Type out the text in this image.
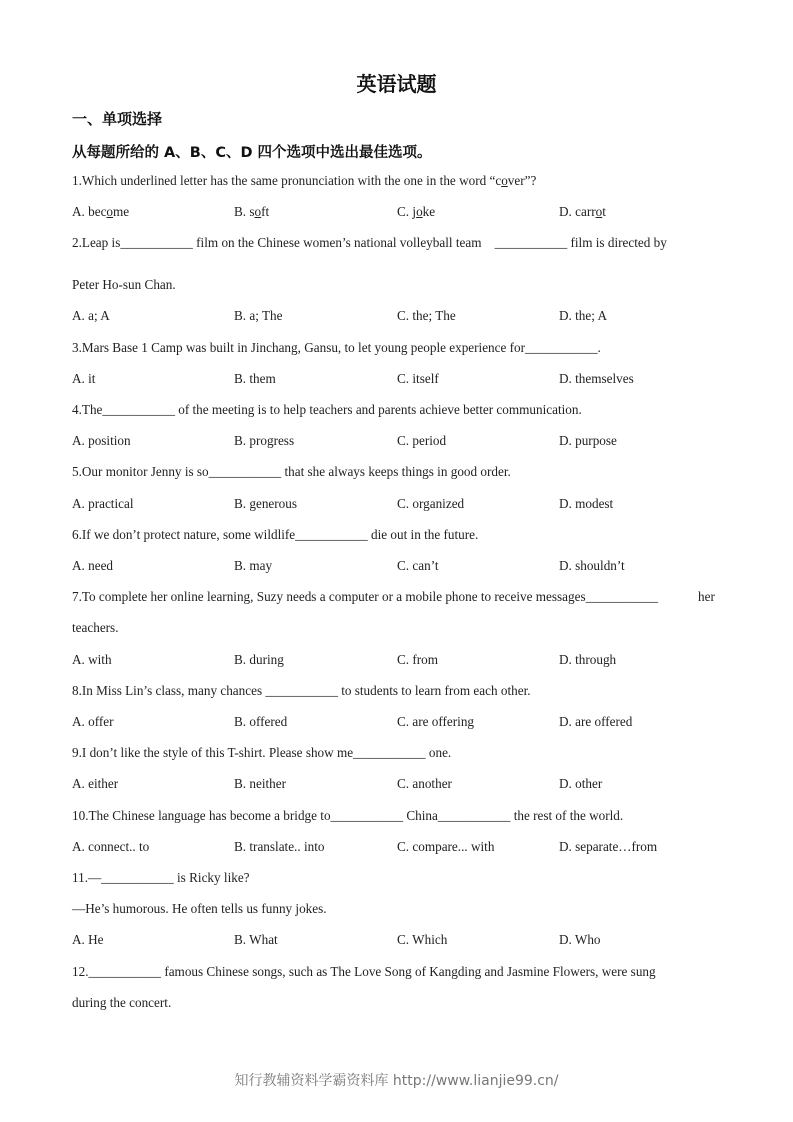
英语试题
一、单项选择
从每题所给的 A、B、C、D 四个选项中选出最佳选项。
1.Which underlined letter has the same pronunciation with the one in the word “cover”?
A. become	B. soft	C. joke	D. carrot
2.Leap is___________ film on the Chinese women’s national volleyball team    ___________ film is directed by
Peter Ho-sun Chan.
A. a; A	B. a; The	C. the; The	D. the; A
3.Mars Base 1 Camp was built in Jinchang, Gansu, to let young people experience for___________.
A. it	B. them	C. itself	D. themselves
4.The___________ of the meeting is to help teachers and parents achieve better communication.
A. position	B. progress	C. period	D. purpose
5.Our monitor Jenny is so___________ that she always keeps things in good order.
A. practical	B. generous	C. organized	D. modest
6.If we don’t protect nature, some wildlife___________ die out in the future.
A. need	B. may	C. can’t	D. shouldn’t
7.To complete her online learning, Suzy needs a computer or a mobile phone to receive messages___________	her
teachers.
A. with	B. during	C. from	D. through
8.In Miss Lin’s class, many chances ___________ to students to learn from each other.
A. offer	B. offered	C. are offering	D. are offered
9.I don’t like the style of this T-shirt. Please show me___________ one.
A. either	B. neither	C. another	D. other
10.The Chinese language has become a bridge to___________ China___________ the rest of the world.
A. connect.. to	B. translate.. into	C. compare... with	D. separate…from
11.—___________ is Ricky like?
—He’s humorous. He often tells us funny jokes.
A. He	B. What	C. Which	D. Who
12.___________ famous Chinese songs, such as The Love Song of Kangding and Jasmine Flowers, were sung
during the concert.
知行教辅资料学霸资料库 http://www.lianjie99.cn/
